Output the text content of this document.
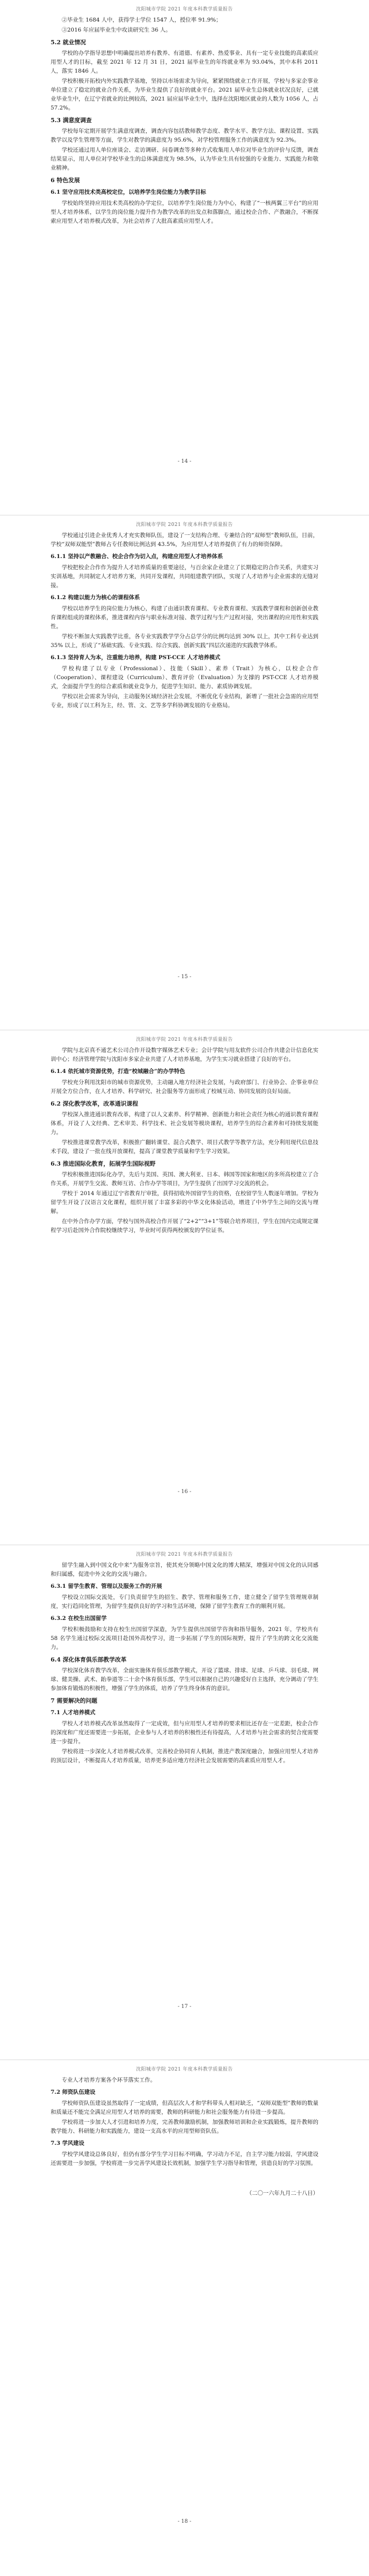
沈阳城市学院 2021 年度本科教学质量报告

②毕业生 1684 人中，获得学士学位 1547 人，授位率 91.9%；

③2016 年应届毕业生中攻读研究生 36 人。

5.2 就业情况

学校的办学指导思想中明确提出培养有教养、有道德、有素养、热爱事业、具有一定专业技能的高素质应用型人才的目标，截至 2021 年 12 月 31 日，2021 届毕业生的年终就业率为 93.04%，其中本科 2011 人，落实 1846 人。

学校积极开拓校内外实践教学基地，坚持以市场需求为导向，紧紧围绕就业工作开展，学校与多家企事业单位建立了稳定的就业合作关系，为毕业生提供了良好的就业平台。2021 届毕业生总体就业状况良好，已就业毕业生中，在辽宁省就业的比例较高，2021 届应届毕业生中，选择在沈阳地区就业的人数为 1056 人，占 57.2%。

5.3 满意度调查

学校每年定期开展学生满意度调查，调查内容包括教师教学态度、教学水平、教学方法、课程设置、实践教学以及学生管理等方面，学生对教学的满意度为 95.6%，对学校管理服务工作的满意度为 92.3%。

学校还通过用人单位座谈会、走访调研、问卷调查等多种方式收集用人单位对毕业生的评价与反馈，调查结果显示，用人单位对学校毕业生的总体满意度为 98.5%，认为毕业生具有较强的专业能力、实践能力和敬业精神。

6 特色发展

6.1 坚守应用技术类高校定位，以培养学生岗位能力为教学目标

学校始终坚持应用技术类高校的办学定位，以培养学生岗位能力为中心，构建了“一核两翼三平台”的应用型人才培养体系，以学生的岗位能力提升作为教学改革的出发点和落脚点，通过校企合作、产教融合，不断探索应用型人才培养模式改革，为社会培养了大批高素质应用型人才。

- 14 -
沈阳城市学院 2021 年度本科教学质量报告

学校通过引进企业优秀人才充实教师队伍，建设了一支结构合理、专兼结合的“双师型”教师队伍，目前，学校“双师双能型”教师占专任教师比例达到 43.5%，为应用型人才培养提供了有力的师资保障。

6.1.1 坚持以产教融合、校企合作为切入点，构建应用型人才培养体系

学校把校企合作作为提升人才培养质量的重要途径，与百余家企业建立了长期稳定的合作关系，共建实习实训基地，共同制定人才培养方案，共同开发课程，共同组建教学团队，实现了人才培养与企业需求的无缝对接。

6.1.2 构建以能力为核心的课程体系

学校以培养学生的岗位能力为核心，构建了由通识教育课程、专业教育课程、实践教学课程和创新创业教育课程组成的课程体系，推进课程内容与职业标准对接、教学过程与生产过程对接，突出课程的应用性和实践性。

学校不断加大实践教学比重，各专业实践教学学分占总学分的比例均达到 30% 以上，其中工科专业达到 35% 以上，形成了“基础实践、专业实践、综合实践、创新实践”四层次递进的实践教学体系。

6.1.3 坚持育人为本，注重能力培养，构建 PST-CCE 人才培养模式

学校构建了以专业（Professional）、技能（Skill）、素养（Trait）为核心，以校企合作（Cooperation）、课程建设（Curriculum）、教育评价（Evaluation）为支撑的 PST-CCE 人才培养模式，全面提升学生的综合素质和就业竞争力，促进学生知识、能力、素质协调发展。

学校以社会需求为导向，主动服务区域经济社会发展，不断优化专业结构，新增了一批社会急需的应用型专业，形成了以工科为主，经、管、文、艺等多学科协调发展的专业格局。

- 15 -
沈阳城市学院 2021 年度本科教学质量报告

学院与北京真不通艺术公司合作开设数字媒体艺术专业；会计学院与用友软件公司合作共建会计信息化实训中心；经济管理学院与沈阳市多家企业共建了人才培养基地，为学生实习就业搭建了良好的平台。

6.1.4 依托城市资源优势，打造“校城融合”的办学特色

学校充分利用沈阳市的城市资源优势，主动融入地方经济社会发展，与政府部门、行业协会、企事业单位开展全方位合作，在人才培养、科学研究、社会服务等方面形成了校城互动、协同发展的良好局面。

6.2 深化教学改革，改革通识课程

学校深入推进通识教育改革，构建了以人文素养、科学精神、创新能力和社会责任为核心的通识教育课程体系，开设了人文经典、艺术审美、科学技术、社会发展等模块课程，培养学生的综合素养和可持续发展能力。

学校推进课堂教学改革，积极推广翻转课堂、混合式教学、项目式教学等教学方法，充分利用现代信息技术手段，建设了一批在线开放课程，提高了课堂教学质量和学生学习效果。

6.3 推进国际化教育，拓展学生国际视野

学校积极推进国际化办学，先后与美国、英国、澳大利亚、日本、韩国等国家和地区的多所高校建立了合作关系，开展学生交流、教师互访、合作办学等项目，为学生提供了出国学习交流的机会。

学校于 2014 年通过辽宁省教育厅审批，获得招收外国留学生的资格，在校留学生人数逐年增加。学校为留学生开设了汉语言文化课程，组织开展了丰富多彩的中华文化体验活动，增进了中外学生之间的交流与理解。

在中外合作办学方面，学校与国外高校合作开展了“2+2”“3+1”等联合培养项目，学生在国内完成规定课程学习后赴国外合作院校继续学习，毕业时可获得两校颁发的学位证书。

- 16 -
沈阳城市学院 2021 年度本科教学质量报告

留学生融入到中国文化中来”为服务宗旨，使其充分领略中国文化的博大精深，增强对中国文化的认同感和归属感，促进中外文化的交流与融合。

6.3.1 留学生教育、管理以及服务工作的开展

学校设立国际交流处，专门负责留学生的招生、教学、管理和服务工作，建立健全了留学生管理规章制度，实行趋同化管理，为留学生提供良好的学习和生活环境，保障了留学生教育工作的顺利开展。

6.3.2 在校生出国留学

学校积极鼓励和支持在校生出国留学深造，为学生提供出国留学咨询和指导服务，2021 年，学校共有 58 名学生通过校际交流项目赴国外高校学习，进一步拓展了学生的国际视野，提升了学生的跨文化交流能力。

6.4 深化体育俱乐部教学改革

学校深化体育教学改革，全面实施体育俱乐部教学模式，开设了篮球、排球、足球、乒乓球、羽毛球、网球、健美操、武术、跆拳道等二十余个体育俱乐部，学生可以根据自己的兴趣爱好自主选择，充分调动了学生参加体育锻炼的积极性，增强了学生的体质，培养了学生终身体育的意识。

7 需要解决的问题

7.1 人才培养模式

学校人才培养模式改革虽然取得了一定成效，但与应用型人才培养的要求相比还存在一定差距，校企合作的深度和广度还需要进一步拓展，企业参与人才培养的积极性还有待提高，人才培养与社会需求的契合度需要进一步提升。

学校将进一步深化人才培养模式改革，完善校企协同育人机制，推进产教深度融合，加强应用型人才培养的顶层设计，不断提高人才培养质量，培养更多适应地方经济社会发展需要的高素质应用型人才。

- 17 -
沈阳城市学院 2021 年度本科教学质量报告

专业人才培养方案各个环节落实工作。

7.2 师资队伍建设

学校师资队伍建设虽然取得了一定成绩，但高层次人才和学科带头人相对缺乏，“双师双能型”教师的数量和质量还不能完全满足应用型人才培养的需要，教师的科研能力和社会服务能力有待进一步提高。

学校将进一步加大人才引进和培养力度，完善教师激励机制，加强教师培训和企业实践锻炼，提升教师的教学能力、科研能力和实践能力，建设一支高水平的应用型师资队伍。

7.3 学风建设

学校学风建设总体良好，但仍有部分学生学习目标不明确，学习动力不足，自主学习能力较弱，学风建设还需要进一步加强，学校将进一步完善学风建设长效机制，加强学生学习指导和管理，营造良好的学习氛围。

（二〇一六年九月二十八日）

- 18 -
